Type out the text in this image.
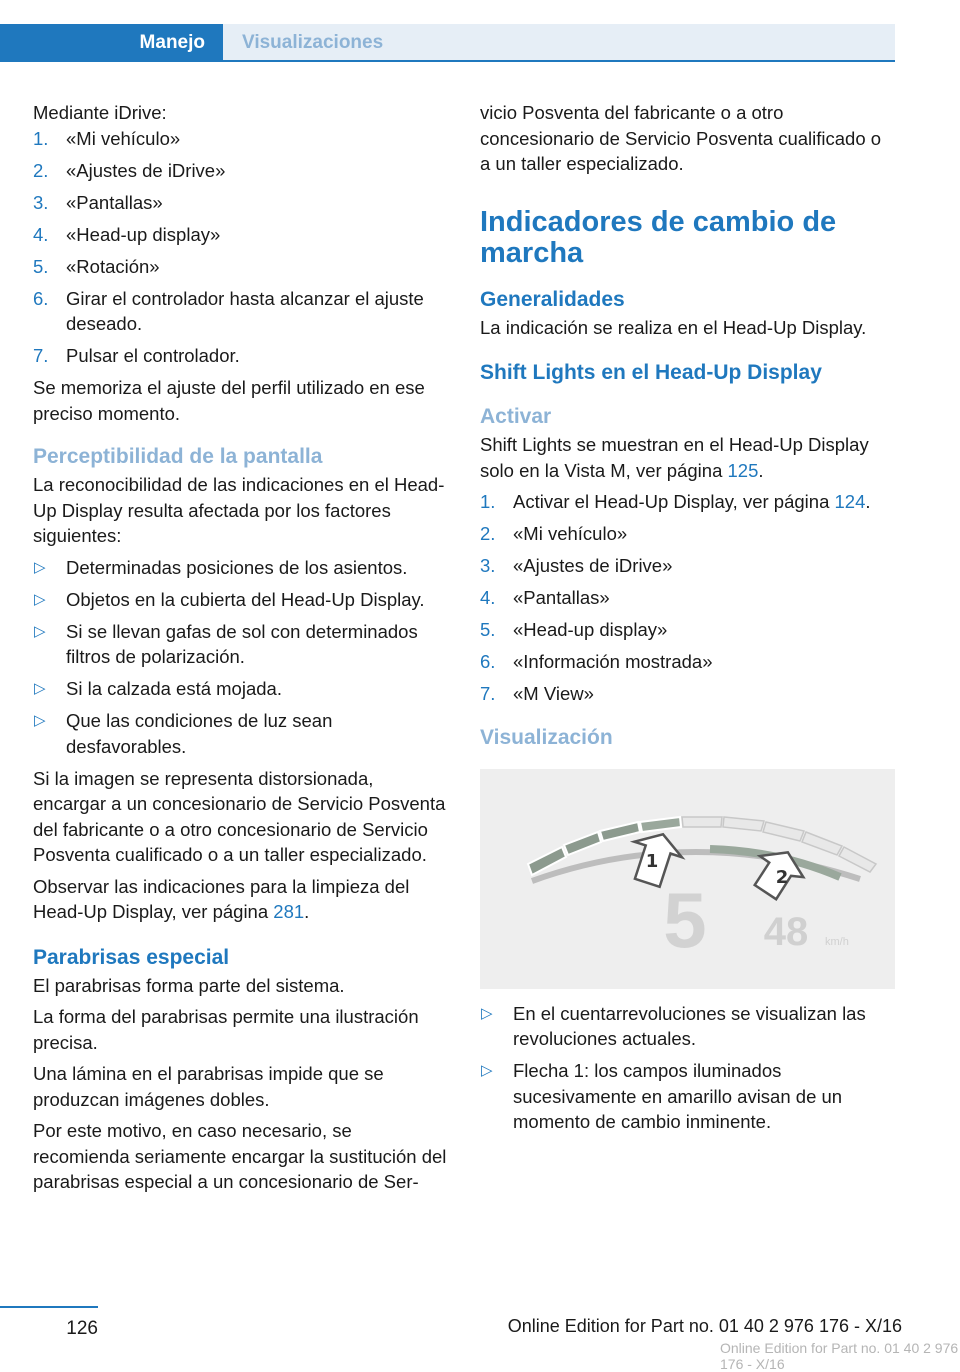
Manejo	Visualizaciones

Mediante iDrive:

1. «Mi vehículo»
2. «Ajustes de iDrive»
3. «Pantallas»
4. «Head-up display»
5. «Rotación»
6. Girar el controlador hasta alcanzar el ajuste deseado.
7. Pulsar el controlador.

Se memoriza el ajuste del perfil utilizado en ese preciso momento.

Perceptibilidad de la pantalla

La reconocibilidad de las indicaciones en el Head-Up Display resulta afectada por los factores siguientes:

▷ Determinadas posiciones de los asientos.
▷ Objetos en la cubierta del Head-Up Display.
▷ Si se llevan gafas de sol con determinados filtros de polarización.
▷ Si la calzada está mojada.
▷ Que las condiciones de luz sean desfavorables.

Si la imagen se representa distorsionada, encargar a un concesionario de Servicio Posventa del fabricante o a otro concesionario de Servicio Posventa cualificado o a un taller especializado.

Observar las indicaciones para la limpieza del Head-Up Display, ver página 281.

Parabrisas especial

El parabrisas forma parte del sistema.

La forma del parabrisas permite una ilustración precisa.

Una lámina en el parabrisas impide que se produzcan imágenes dobles.

Por este motivo, en caso necesario, se recomienda seriamente encargar la sustitución del parabrisas especial a un concesionario de Ser-

vicio Posventa del fabricante o a otro concesionario de Servicio Posventa cualificado o a un taller especializado.

Indicadores de cambio de marcha
Generalidades

La indicación se realiza en el Head-Up Display.

Shift Lights en el Head-Up Display
Activar

Shift Lights se muestran en el Head-Up Display solo en la Vista M, ver página 125.

1. Activar el Head-Up Display, ver página 124.
2. «Mi vehículo»
3. «Ajustes de iDrive»
4. «Pantallas»
5. «Head-up display»
6. «Información mostrada»
7. «M View»
Visualización
1
2
5 48 km/h
▷ En el cuentarrevoluciones se visualizan las revoluciones actuales.
▷ Flecha 1: los campos iluminados sucesivamente en amarillo avisan de un momento de cambio inminente.
126	Online Edition for Part no. 01 40 2 976 176 - X/16
Online Edition for Part no. 01 40 2 976 176 - X/16
